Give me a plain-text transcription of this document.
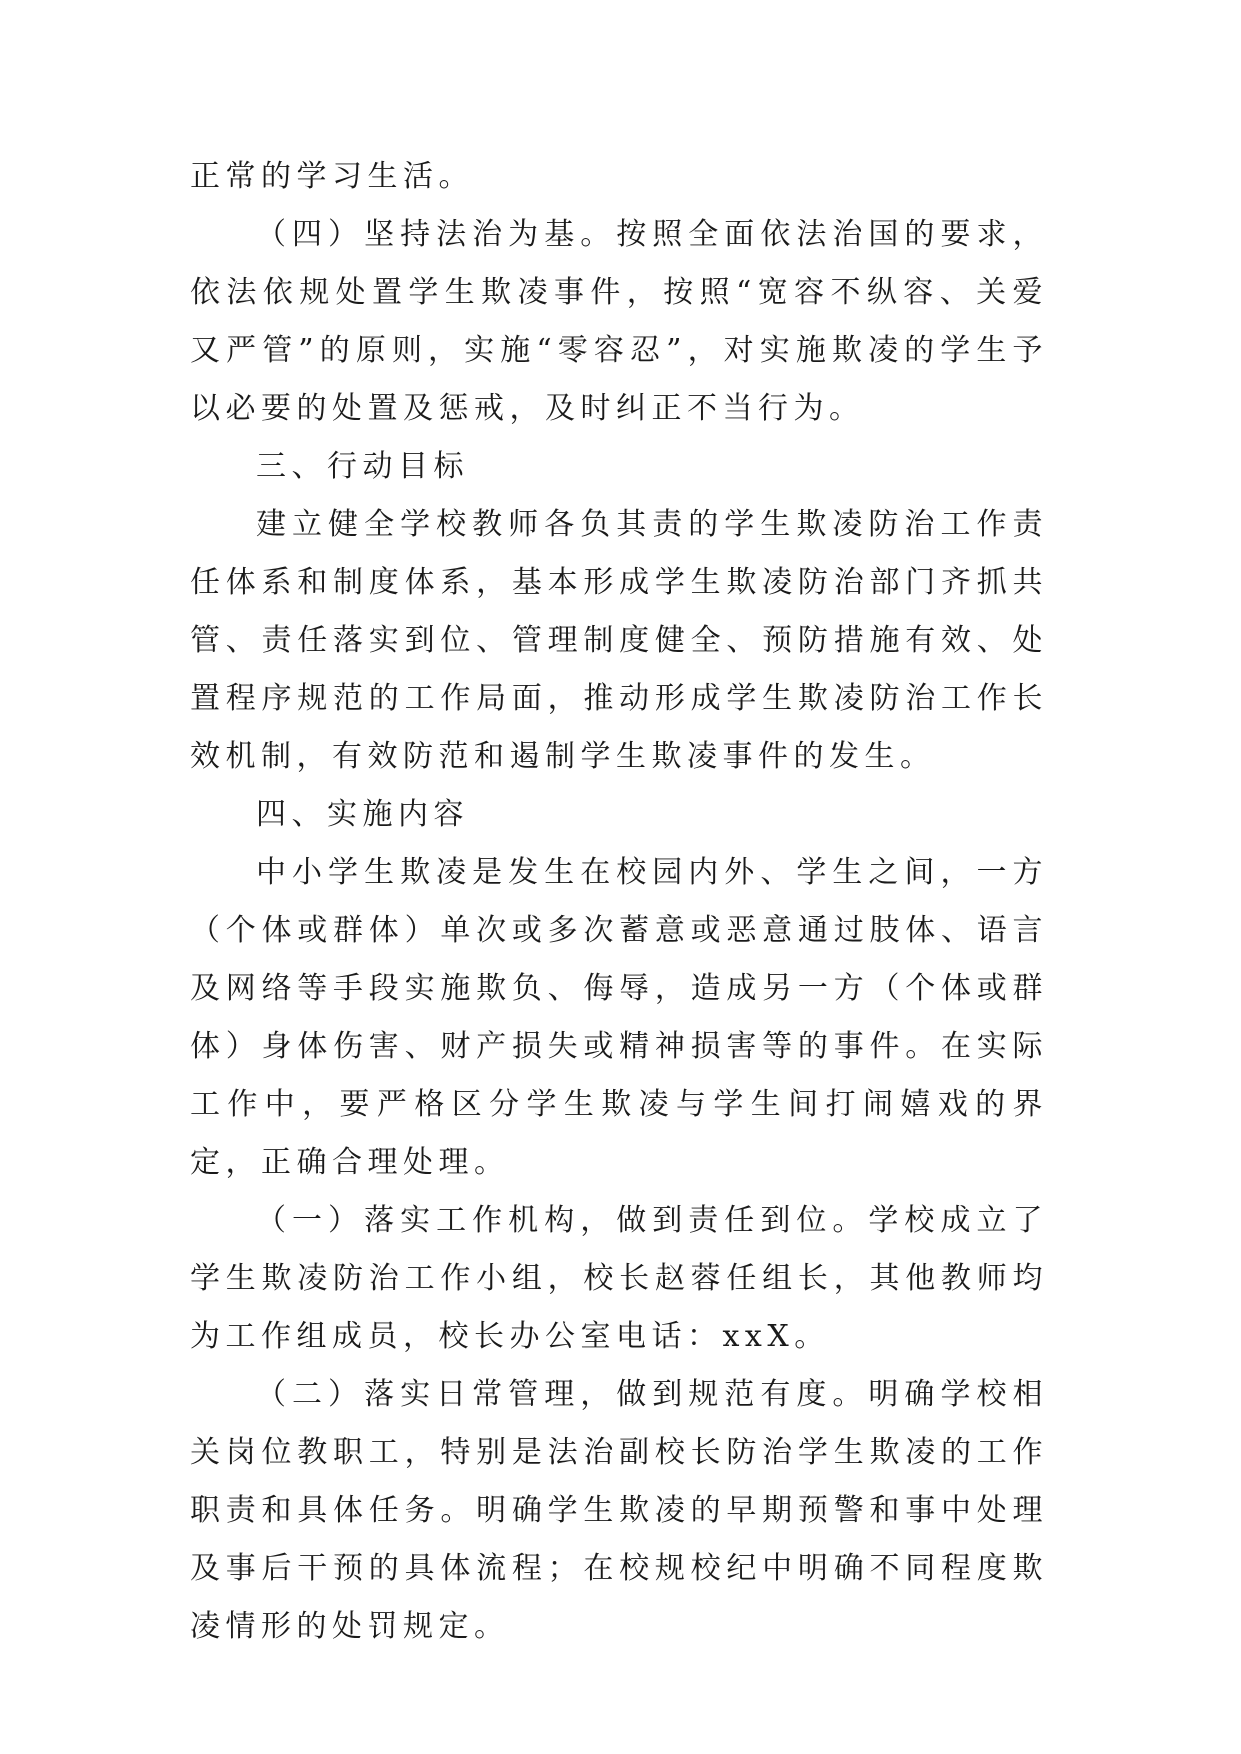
正常的学习生活。

（四）坚持法治为基。按照全面依法治国的要求，依法依规处置学生欺凌事件，按照“宽容不纵容、关爱又严管”的原则，实施“零容忍”，对实施欺凌的学生予以必要的处置及惩戒，及时纠正不当行为。

三、行动目标

建立健全学校教师各负其责的学生欺凌防治工作责任体系和制度体系，基本形成学生欺凌防治部门齐抓共管、责任落实到位、管理制度健全、预防措施有效、处置程序规范的工作局面，推动形成学生欺凌防治工作长效机制，有效防范和遏制学生欺凌事件的发生。

四、实施内容

中小学生欺凌是发生在校园内外、学生之间，一方（个体或群体）单次或多次蓄意或恶意通过肢体、语言及网络等手段实施欺负、侮辱，造成另一方（个体或群体）身体伤害、财产损失或精神损害等的事件。在实际工作中，要严格区分学生欺凌与学生间打闹嬉戏的界定，正确合理处理。

（一）落实工作机构，做到责任到位。学校成立了学生欺凌防治工作小组，校长赵蓉任组长，其他教师均为工作组成员，校长办公室电话：xxX。

（二）落实日常管理，做到规范有度。明确学校相关岗位教职工，特别是法治副校长防治学生欺凌的工作职责和具体任务。明确学生欺凌的早期预警和事中处理及事后干预的具体流程；在校规校纪中明确不同程度欺凌情形的处罚规定。
